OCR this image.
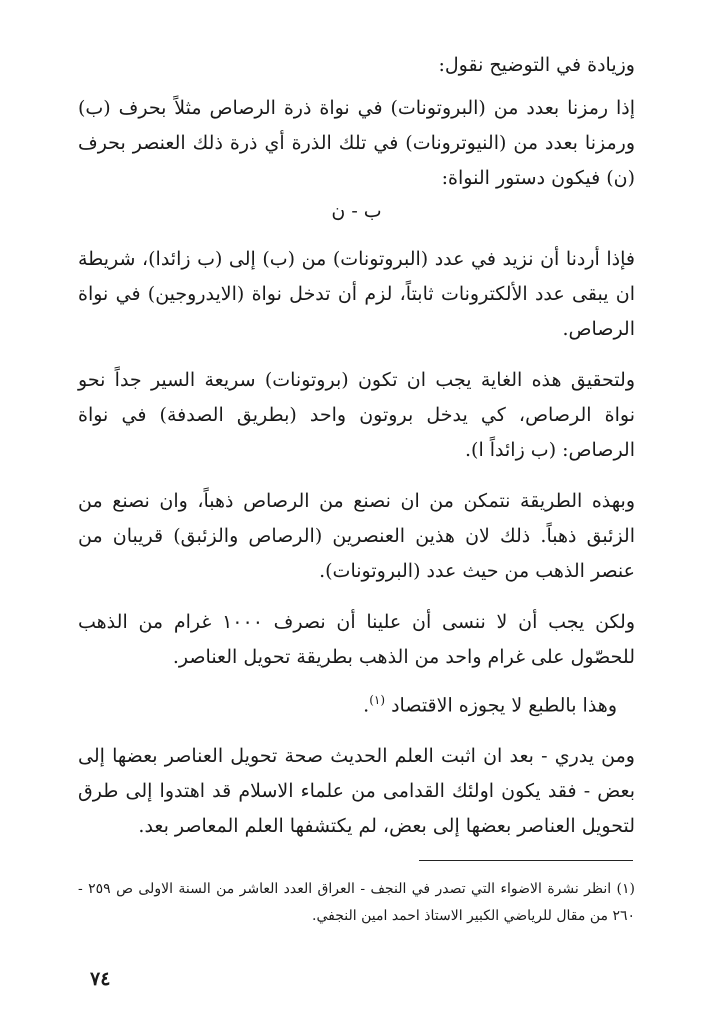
وزيادة في التوضيح نقول:

إذا رمزنا بعدد من (البروتونات) في نواة ذرة الرصاص مثلاً بحرف (ب) ورمزنا بعدد من (النيوترونات) في تلك الذرة أي ذرة ذلك العنصر بحرف (ن) فيكون دستور النواة:

ب - ن

فإذا أردنا أن نزيد في عدد (البروتونات) من (ب) إلى (ب زائدا)، شريطة ان يبقى عدد الألكترونات ثابتاً، لزم أن تدخل نواة (الايدروجين) في نواة الرصاص.

ولتحقيق هذه الغاية يجب ان تكون (بروتونات) سريعة السير جداً نحو نواة الرصاص، كي يدخل بروتون واحد (بطريق الصدفة) في نواة الرصاص: (ب زائداً ا).

وبهذه الطريقة نتمكن من ان نصنع من الرصاص ذهباً، وان نصنع من الزئبق ذهباً. ذلك لان هذين العنصرين (الرصاص والزئبق) قريبان من عنصر الذهب من حيث عدد (البروتونات).

ولكن يجب أن لا ننسى أن علينا أن نصرف ١٠٠٠ غرام من الذهب للحصّول على غرام واحد من الذهب بطريقة تحويل العناصر.

وهذا بالطبع لا يجوزه الاقتصاد $^{(١)}$.

ومن يدري - بعد ان اثبت العلم الحديث صحة تحويل العناصر بعضها إلى بعض - فقد يكون اولئك القدامى من علماء الاسلام قد اهتدوا إلى طرق لتحويل العناصر بعضها إلى بعض، لم يكتشفها العلم المعاصر بعد.

(١) انظر نشرة الاضواء التي تصدر في النجف - العراق العدد العاشر من السنة الاولى ص ٢٥٩ - ٢٦٠ من مقال للرياضي الكبير الاستاذ احمد امين النجفي.

٧٤
